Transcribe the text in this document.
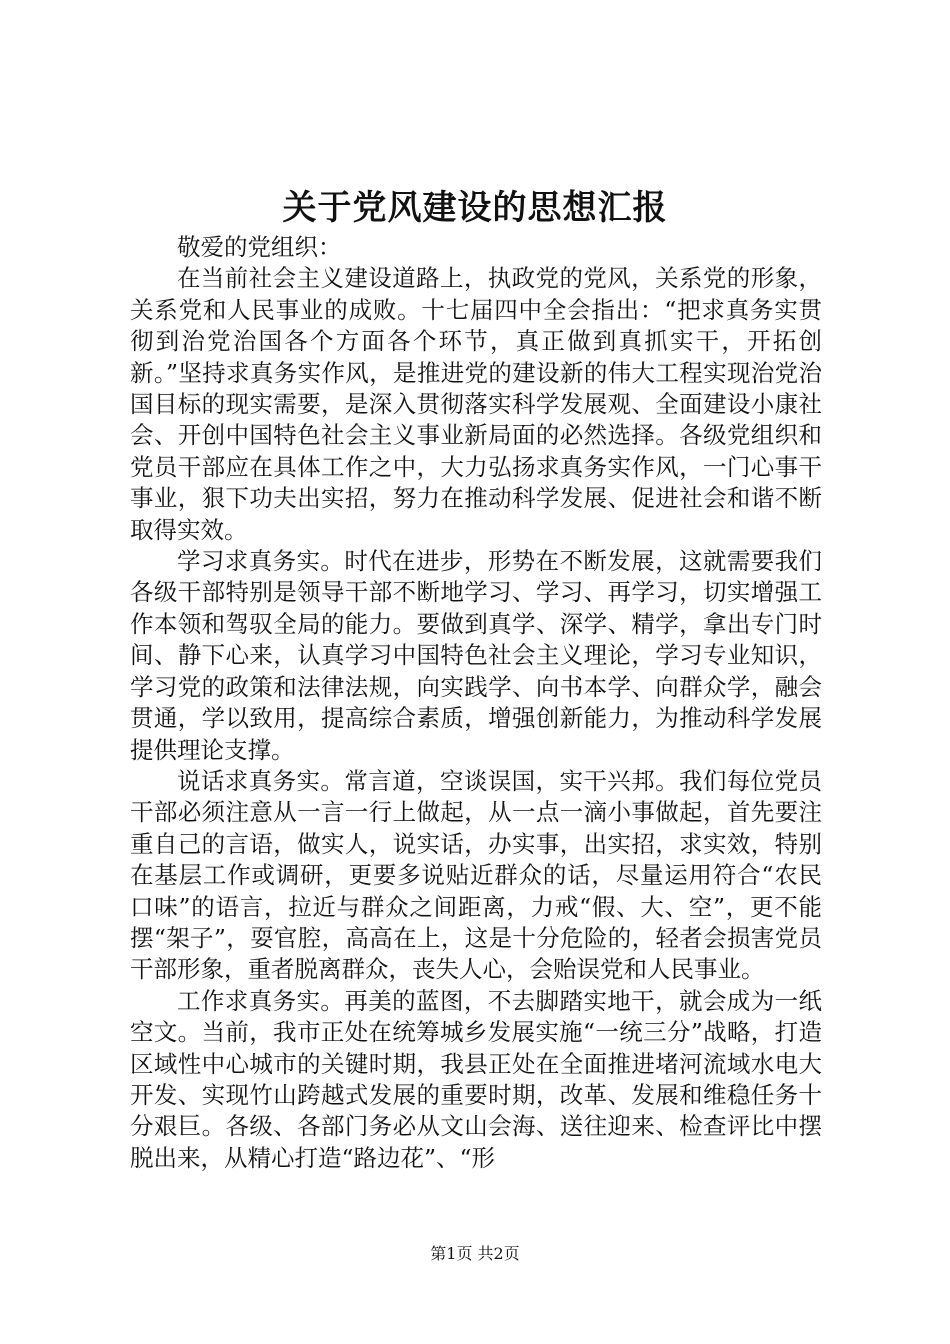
关于党风建设的思想汇报

敬爱的党组织：

在当前社会主义建设道路上，执政党的党风，关系党的形象，关系党和人民事业的成败。十七届四中全会指出：“把求真务实贯彻到治党治国各个方面各个环节，真正做到真抓实干，开拓创新。”坚持求真务实作风，是推进党的建设新的伟大工程实现治党治国目标的现实需要，是深入贯彻落实科学发展观、全面建设小康社会、开创中国特色社会主义事业新局面的必然选择。各级党组织和党员干部应在具体工作之中，大力弘扬求真务实作风，一门心事干事业，狠下功夫出实招，努力在推动科学发展、促进社会和谐不断取得实效。

学习求真务实。时代在进步，形势在不断发展，这就需要我们各级干部特别是领导干部不断地学习、学习、再学习，切实增强工作本领和驾驭全局的能力。要做到真学、深学、精学，拿出专门时间、静下心来，认真学习中国特色社会主义理论，学习专业知识，学习党的政策和法律法规，向实践学、向书本学、向群众学，融会贯通，学以致用，提高综合素质，增强创新能力，为推动科学发展提供理论支撑。

说话求真务实。常言道，空谈误国，实干兴邦。我们每位党员干部必须注意从一言一行上做起，从一点一滴小事做起，首先要注重自己的言语，做实人，说实话，办实事，出实招，求实效，特别在基层工作或调研，更要多说贴近群众的话，尽量运用符合“农民口味”的语言，拉近与群众之间距离，力戒“假、大、空”，更不能摆“架子”，耍官腔，高高在上，这是十分危险的，轻者会损害党员干部形象，重者脱离群众，丧失人心，会贻误党和人民事业。

工作求真务实。再美的蓝图，不去脚踏实地干，就会成为一纸空文。当前，我市正处在统筹城乡发展实施“一统三分”战略，打造区域性中心城市的关键时期，我县正处在全面推进堵河流域水电大开发、实现竹山跨越式发展的重要时期，改革、发展和维稳任务十分艰巨。各级、各部门务必从文山会海、送往迎来、检查评比中摆脱出来，从精心打造“路边花”、“形

第1页 共2页
